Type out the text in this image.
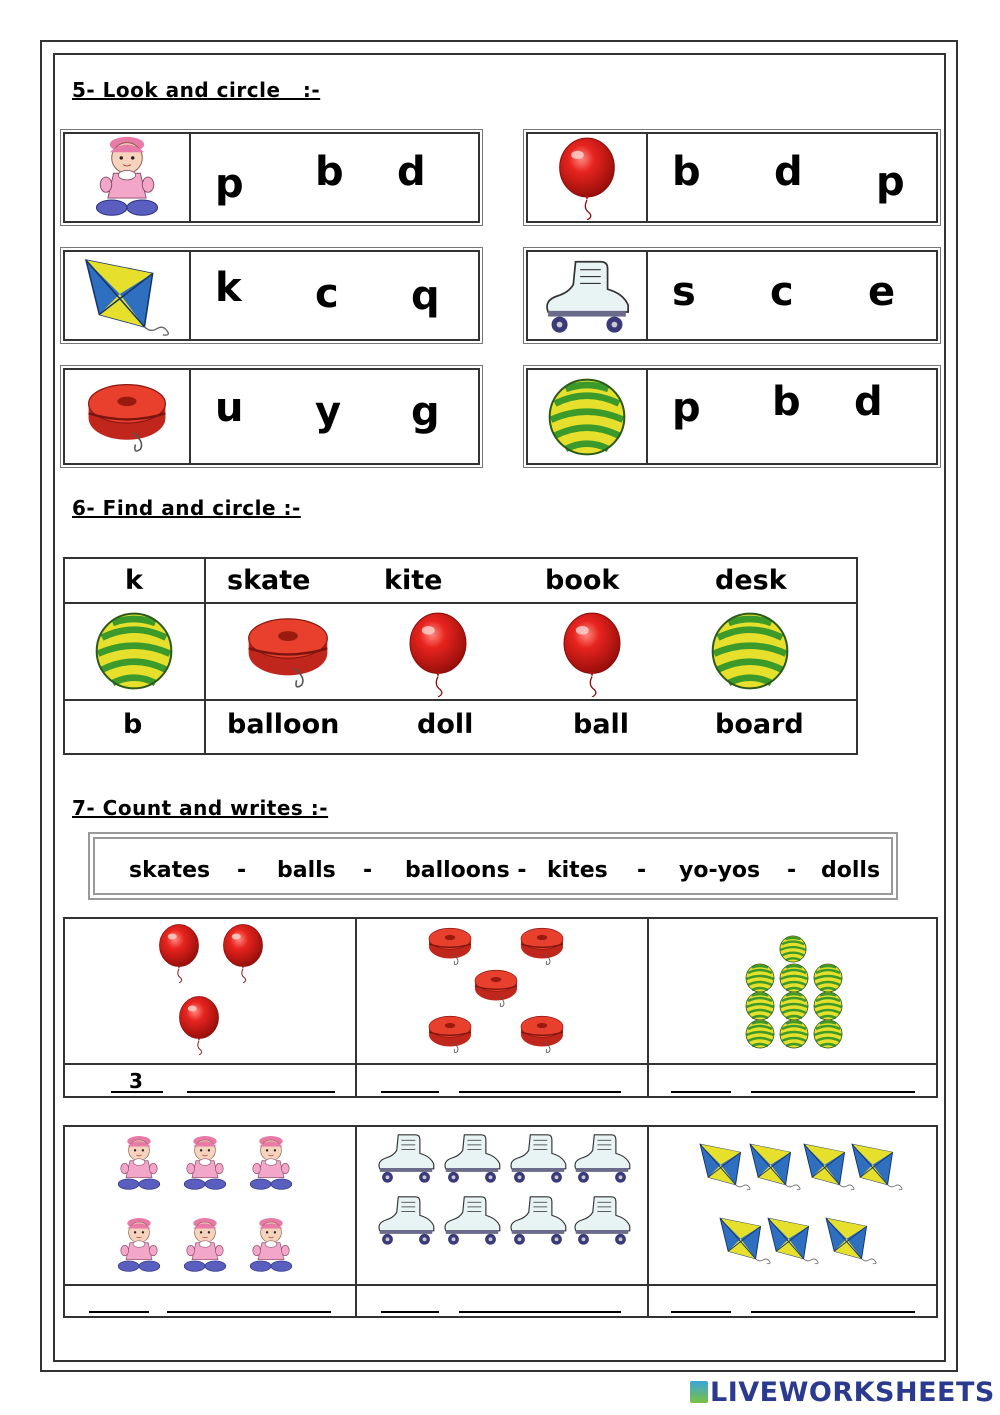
5- Look and circle   :-
p b d	b d p
k c q	s c e
u y g	p b d
6- Find and circle :-
k	skate	kite	book	desk
b	balloon	doll	ball	board
7- Count and writes :-
skates - balls - balloons - kites - yo-yos - dolls
3
LIVEWORKSHEETS
